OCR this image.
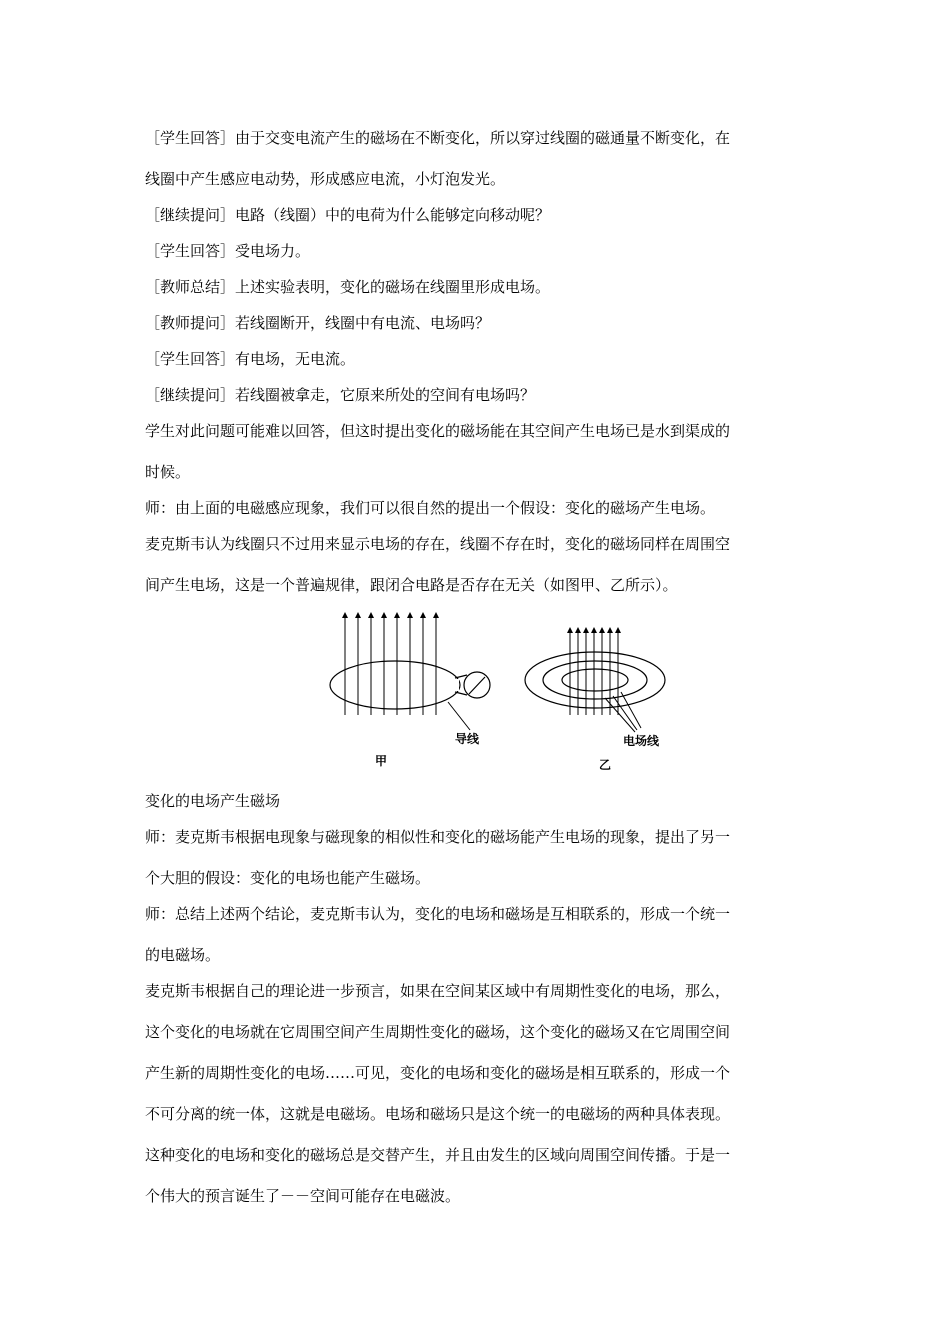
［学生回答］由于交变电流产生的磁场在不断变化，所以穿过线圈的磁通量不断变化，在
线圈中产生感应电动势，形成感应电流，小灯泡发光。
［继续提问］电路（线圈）中的电荷为什么能够定向移动呢？
［学生回答］受电场力。
［教师总结］上述实验表明，变化的磁场在线圈里形成电场。
［教师提问］若线圈断开，线圈中有电流、电场吗？
［学生回答］有电场，无电流。
［继续提问］若线圈被拿走，它原来所处的空间有电场吗？
学生对此问题可能难以回答，但这时提出变化的磁场能在其空间产生电场已是水到渠成的
时候。
师：由上面的电磁感应现象，我们可以很自然的提出一个假设：变化的磁场产生电场。
麦克斯韦认为线圈只不过用来显示电场的存在，线圈不存在时，变化的磁场同样在周围空
间产生电场，这是一个普遍规律，跟闭合电路是否存在无关（如图甲、乙所示）。
变化的电场产生磁场
师：麦克斯韦根据电现象与磁现象的相似性和变化的磁场能产生电场的现象，提出了另一
个大胆的假设：变化的电场也能产生磁场。
师：总结上述两个结论，麦克斯韦认为，变化的电场和磁场是互相联系的，形成一个统一
的电磁场。
麦克斯韦根据自己的理论进一步预言，如果在空间某区域中有周期性变化的电场，那么，
这个变化的电场就在它周围空间产生周期性变化的磁场，这个变化的磁场又在它周围空间
产生新的周期性变化的电场……可见，变化的电场和变化的磁场是相互联系的，形成一个
不可分离的统一体，这就是电磁场。电场和磁场只是这个统一的电磁场的两种具体表现。
这种变化的电场和变化的磁场总是交替产生，并且由发生的区域向周围空间传播。于是一
个伟大的预言诞生了－－空间可能存在电磁波。
导线	电场线
甲	乙
